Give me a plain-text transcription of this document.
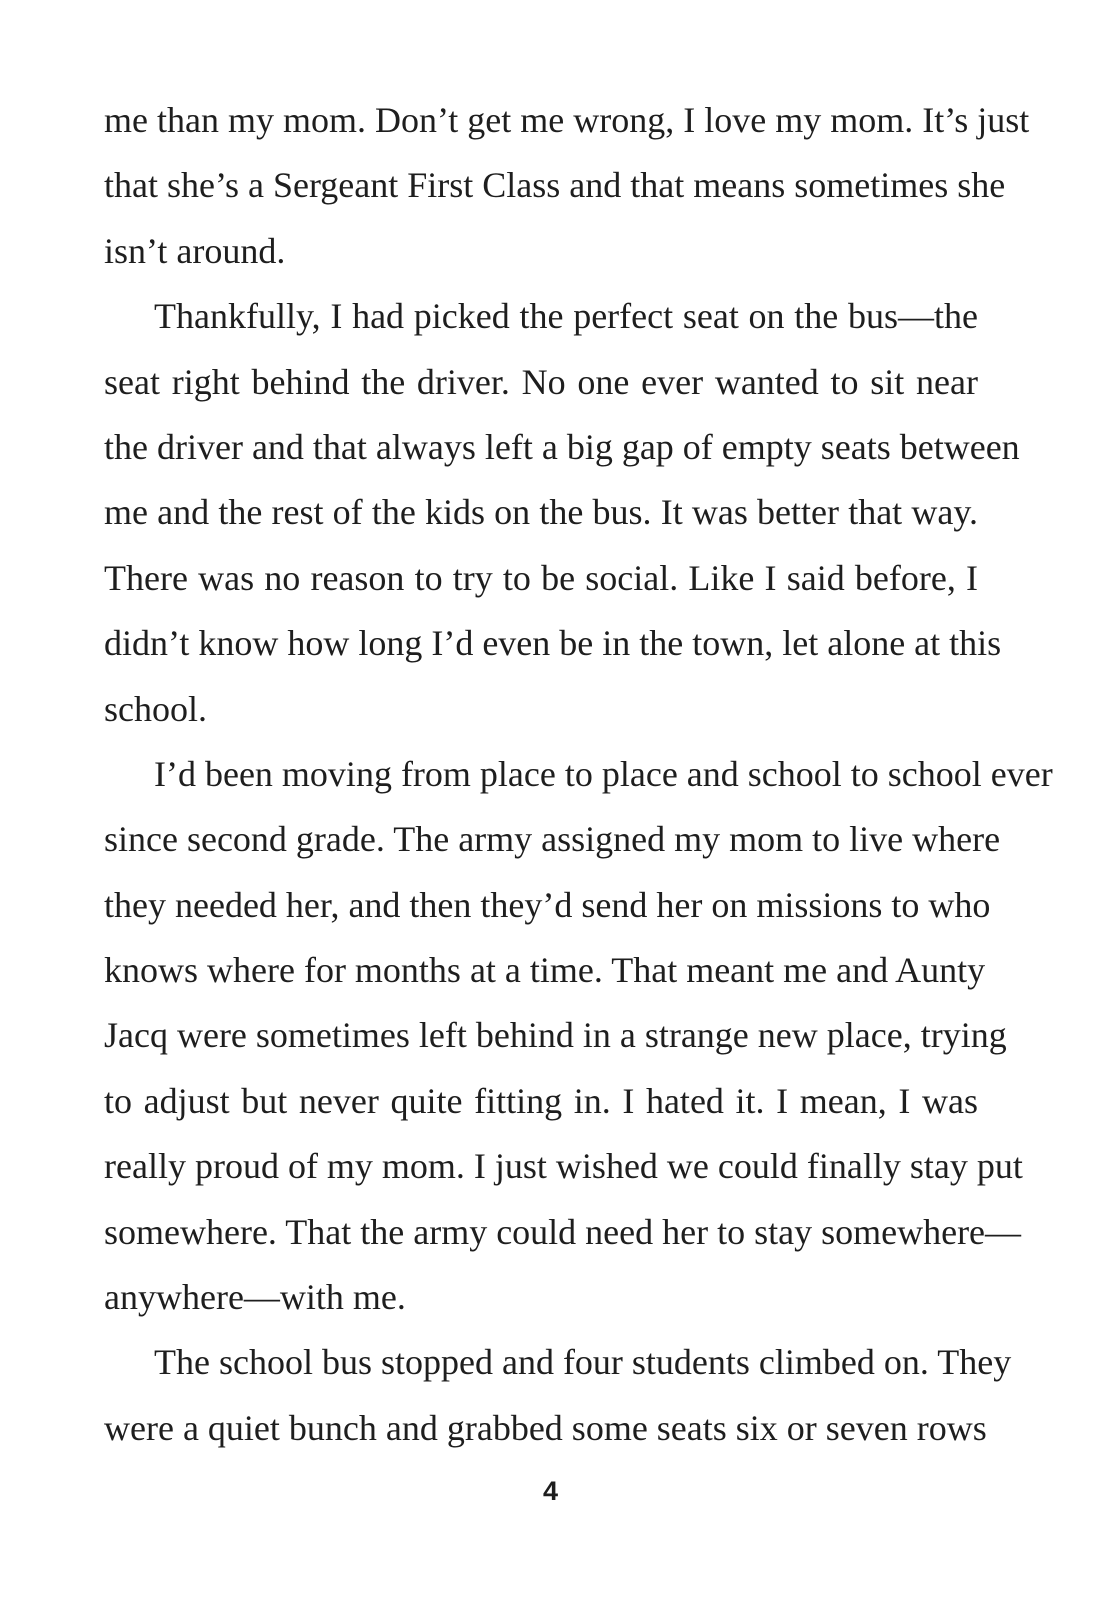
me than my mom. Don’t get me wrong, I love my mom. It’s just
that she’s a Sergeant First Class and that means sometimes she
isn’t around.
Thankfully, I had picked the perfect seat on the bus—the
seat right behind the driver. No one ever wanted to sit near
the driver and that always left a big gap of empty seats between
me and the rest of the kids on the bus. It was better that way.
There was no reason to try to be social. Like I said before, I
didn’t know how long I’d even be in the town, let alone at this
school.
I’d been moving from place to place and school to school ever
since second grade. The army assigned my mom to live where
they needed her, and then they’d send her on missions to who
knows where for months at a time. That meant me and Aunty
Jacq were sometimes left behind in a strange new place, trying
to adjust but never quite fitting in. I hated it. I mean, I was
really proud of my mom. I just wished we could finally stay put
somewhere. That the army could need her to stay somewhere—
anywhere—with me.
The school bus stopped and four students climbed on. They
were a quiet bunch and grabbed some seats six or seven rows
4
